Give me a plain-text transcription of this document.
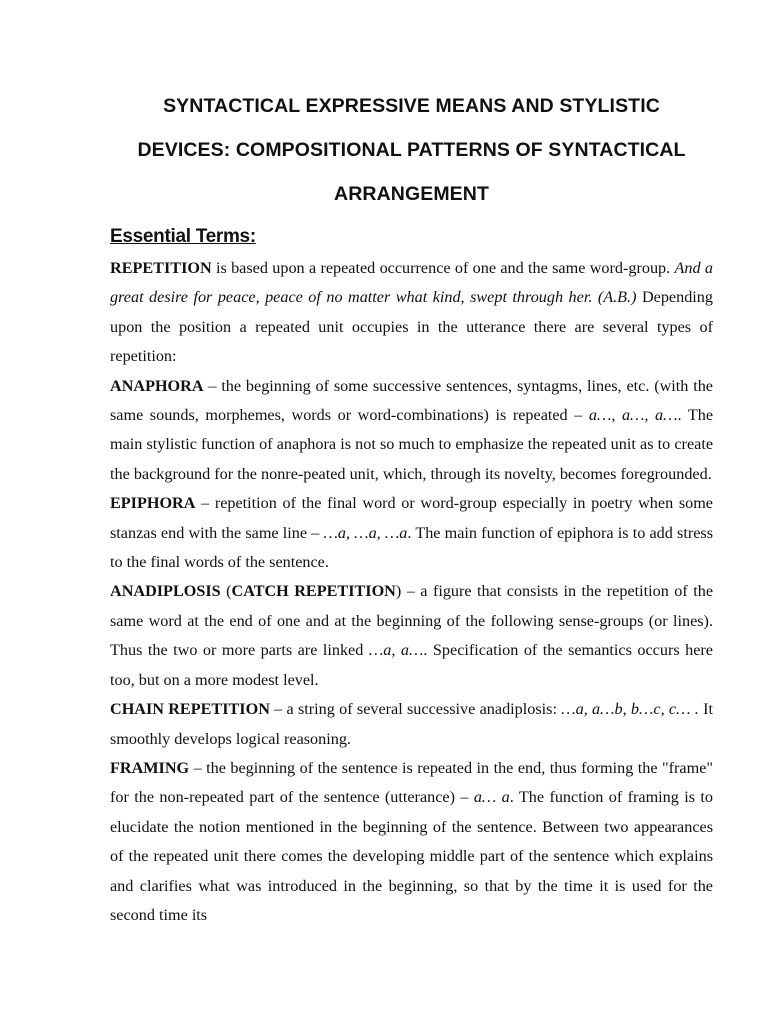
SYNTACTICAL EXPRESSIVE MEANS AND STYLISTIC
DEVICES: COMPOSITIONAL PATTERNS OF SYNTACTICAL
ARRANGEMENT
Essential Terms:

REPETITION is based upon a repeated occurrence of one and the same word-group. And a great desire for peace, peace of no matter what kind, swept through her. (A.B.) Depending upon the position a repeated unit occupies in the utterance there are several types of repetition:

ANAPHORA – the beginning of some successive sentences, syntagms, lines, etc. (with the same sounds, morphemes, words or word-combinations) is repeated – a…, a…, a…. The main stylistic function of anaphora is not so much to emphasize the repeated unit as to create the background for the nonre-peated unit, which, through its novelty, becomes foregrounded.

EPIPHORA – repetition of the final word or word-group especially in poetry when some stanzas end with the same line – …a, …a, …a. The main function of epiphora is to add stress to the final words of the sentence.

ANADIPLOSIS (CATCH REPETITION) – a figure that consists in the repetition of the same word at the end of one and at the beginning of the following sense-groups (or lines). Thus the two or more parts are linked …a, a…. Specification of the semantics occurs here too, but on a more modest level.

CHAIN REPETITION – a string of several successive anadiplosis: …a, a…b, b…c, c… . It smoothly develops logical reasoning.

FRAMING – the beginning of the sentence is repeated in the end, thus forming the "frame" for the non-repeated part of the sentence (utterance) – a… a. The function of framing is to elucidate the notion mentioned in the beginning of the sentence. Between two appearances of the repeated unit there comes the developing middle part of the sentence which explains and clarifies what was introduced in the beginning, so that by the time it is used for the second time its
